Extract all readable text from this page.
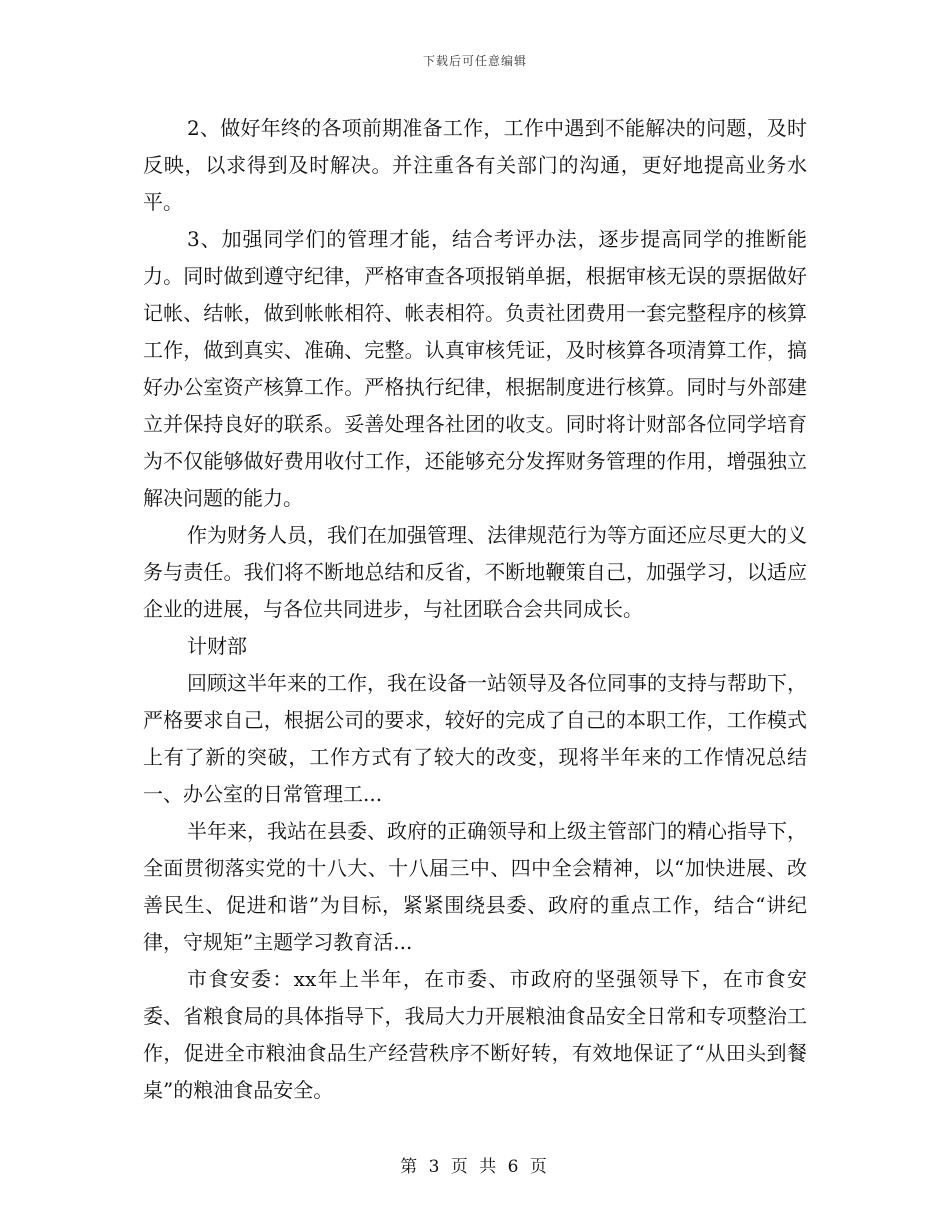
下载后可任意编辑

2、做好年终的各项前期准备工作，工作中遇到不能解决的问题，及时反映，以求得到及时解决。并注重各有关部门的沟通，更好地提高业务水平。

3、加强同学们的管理才能，结合考评办法，逐步提高同学的推断能力。同时做到遵守纪律，严格审查各项报销单据，根据审核无误的票据做好记帐、结帐，做到帐帐相符、帐表相符。负责社团费用一套完整程序的核算工作，做到真实、准确、完整。认真审核凭证，及时核算各项清算工作，搞好办公室资产核算工作。严格执行纪律，根据制度进行核算。同时与外部建立并保持良好的联系。妥善处理各社团的收支。同时将计财部各位同学培育为不仅能够做好费用收付工作，还能够充分发挥财务管理的作用，增强独立解决问题的能力。

作为财务人员，我们在加强管理、法律规范行为等方面还应尽更大的义务与责任。我们将不断地总结和反省，不断地鞭策自己，加强学习，以适应企业的进展，与各位共同进步，与社团联合会共同成长。

计财部

回顾这半年来的工作，我在设备一站领导及各位同事的支持与帮助下，严格要求自己，根据公司的要求，较好的完成了自己的本职工作，工作模式上有了新的突破，工作方式有了较大的改变，现将半年来的工作情况总结一、办公室的日常管理工...

半年来，我站在县委、政府的正确领导和上级主管部门的精心指导下，全面贯彻落实党的十八大、十八届三中、四中全会精神，以“加快进展、改善民生、促进和谐”为目标，紧紧围绕县委、政府的重点工作，结合“讲纪律，守规矩”主题学习教育活...

市食安委：xx年上半年，在市委、市政府的坚强领导下，在市食安委、省粮食局的具体指导下，我局大力开展粮油食品安全日常和专项整治工作，促进全市粮油食品生产经营秩序不断好转，有效地保证了“从田头到餐桌”的粮油食品安全。

第 3 页 共 6 页
